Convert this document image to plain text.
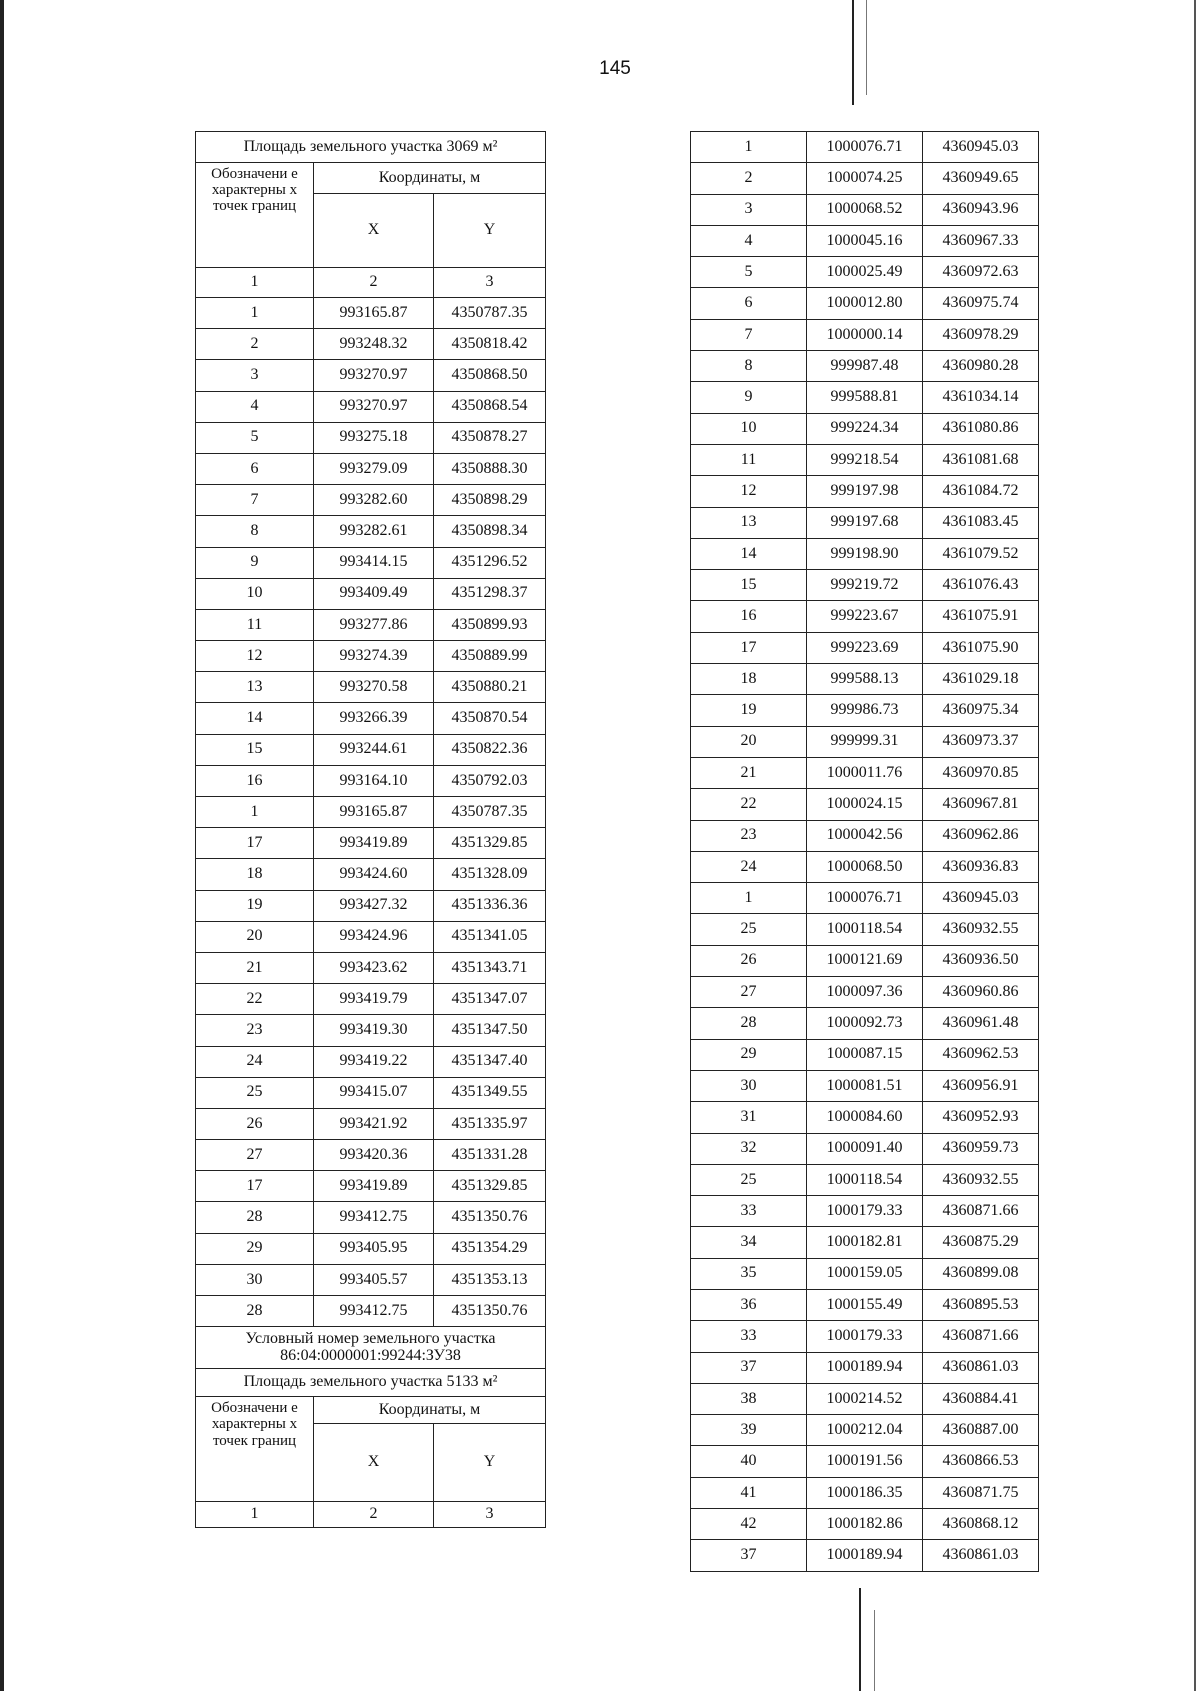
145
Площадь земельного участка 3069 м²		
Обозначени е характерны х точек границ	Координаты, м	
	X	Y
1	2	3
1	993165.87	4350787.35
2	993248.32	4350818.42
3	993270.97	4350868.50
4	993270.97	4350868.54
5	993275.18	4350878.27
6	993279.09	4350888.30
7	993282.60	4350898.29
8	993282.61	4350898.34
9	993414.15	4351296.52
10	993409.49	4351298.37
11	993277.86	4350899.93
12	993274.39	4350889.99
13	993270.58	4350880.21
14	993266.39	4350870.54
15	993244.61	4350822.36
16	993164.10	4350792.03
1	993165.87	4350787.35
17	993419.89	4351329.85
18	993424.60	4351328.09
19	993427.32	4351336.36
20	993424.96	4351341.05
21	993423.62	4351343.71
22	993419.79	4351347.07
23	993419.30	4351347.50
24	993419.22	4351347.40
25	993415.07	4351349.55
26	993421.92	4351335.97
27	993420.36	4351331.28
17	993419.89	4351329.85
28	993412.75	4351350.76
29	993405.95	4351354.29
30	993405.57	4351353.13
28	993412.75	4351350.76
Условный номер земельного участка 86:04:0000001:99244:ЗУ38		
Площадь земельного участка 5133 м²		
Обозначени е характерны х точек границ	Координаты, м	
	X	Y
1	2	3
1	1000076.71	4360945.03
2	1000074.25	4360949.65
3	1000068.52	4360943.96
4	1000045.16	4360967.33
5	1000025.49	4360972.63
6	1000012.80	4360975.74
7	1000000.14	4360978.29
8	999987.48	4360980.28
9	999588.81	4361034.14
10	999224.34	4361080.86
11	999218.54	4361081.68
12	999197.98	4361084.72
13	999197.68	4361083.45
14	999198.90	4361079.52
15	999219.72	4361076.43
16	999223.67	4361075.91
17	999223.69	4361075.90
18	999588.13	4361029.18
19	999986.73	4360975.34
20	999999.31	4360973.37
21	1000011.76	4360970.85
22	1000024.15	4360967.81
23	1000042.56	4360962.86
24	1000068.50	4360936.83
1	1000076.71	4360945.03
25	1000118.54	4360932.55
26	1000121.69	4360936.50
27	1000097.36	4360960.86
28	1000092.73	4360961.48
29	1000087.15	4360962.53
30	1000081.51	4360956.91
31	1000084.60	4360952.93
32	1000091.40	4360959.73
25	1000118.54	4360932.55
33	1000179.33	4360871.66
34	1000182.81	4360875.29
35	1000159.05	4360899.08
36	1000155.49	4360895.53
33	1000179.33	4360871.66
37	1000189.94	4360861.03
38	1000214.52	4360884.41
39	1000212.04	4360887.00
40	1000191.56	4360866.53
41	1000186.35	4360871.75
42	1000182.86	4360868.12
37	1000189.94	4360861.03
